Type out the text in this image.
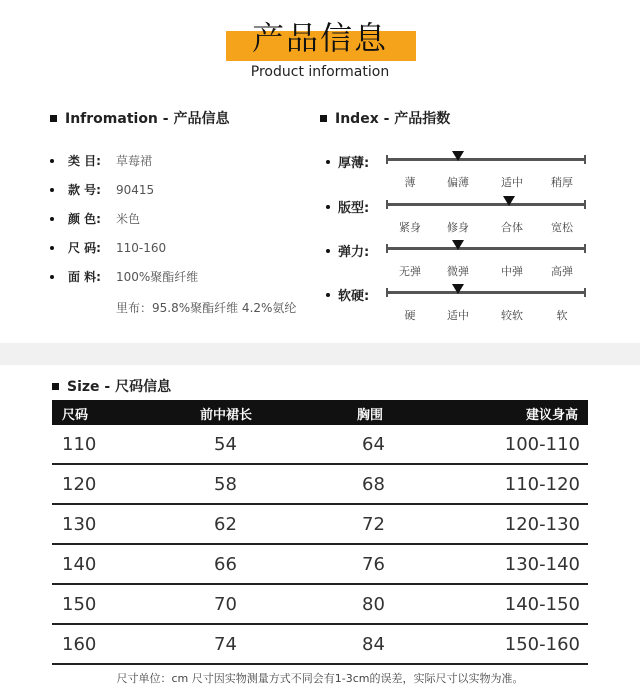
产品信息
Product information
Infromation - 产品信息
类 目:	草莓裙
款 号:	90415
颜 色:	米色
尺 码:	110-160
面 料:	100%聚酯纤维
里布：95.8%聚酯纤维 4.2%氨纶
Index - 产品指数
厚薄:
薄	偏薄	适中	稍厚
版型:
紧身	修身	合体	宽松
弹力:
无弹	微弹	中弹	高弹
软硬:
硬	适中	较软	软
Size - 尺码信息
尺码	前中裙长	胸围	建议身高
110	54	64	100-110
120	58	68	110-120
130	62	72	120-130
140	66	76	130-140
150	70	80	140-150
160	74	84	150-160
尺寸单位：cm 尺寸因实物测量方式不同会有1-3cm的误差，实际尺寸以实物为准。
